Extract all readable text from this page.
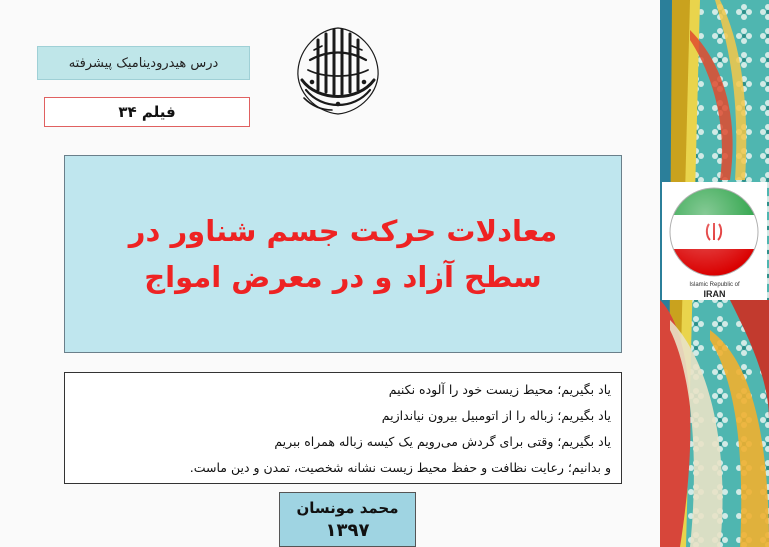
درس هیدرودینامیک پیشرفته
فیلم ۳۴
معادلات حرکت جسم شناور در
سطح آزاد و در معرض امواج
یاد بگیریم؛ محیط زیست خود را آلوده نکنیم
یاد بگیریم؛ زباله را از اتومبیل بیرون نیاندازیم
یاد بگیریم؛ وقتی برای گردش می‌رویم یک کیسه زباله همراه ببریم
و بدانیم؛ رعایت نظافت و حفظ محیط زیست نشانه شخصیت، تمدن و دین ماست.
محمد مونسان
۱۳۹۷
Islamic Republic of
IRAN
